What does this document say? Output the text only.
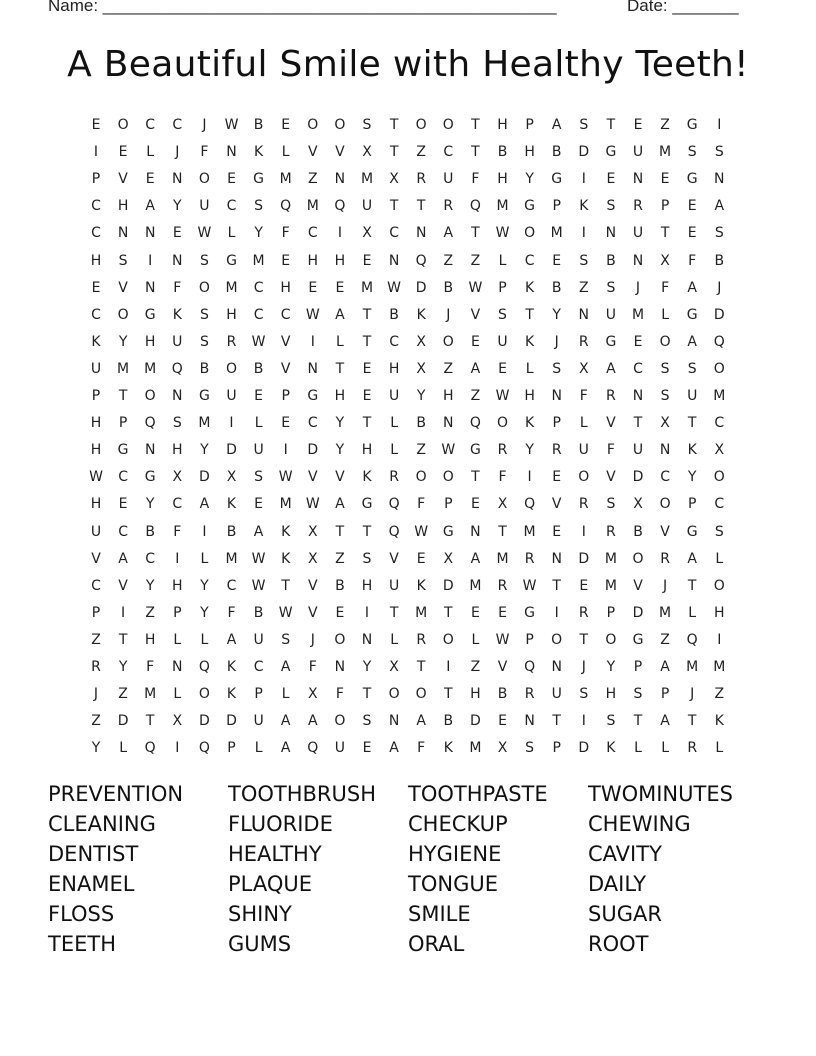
Name: ________________________________________________	Date: _______
A Beautiful Smile with Healthy Teeth!
E	O	C	C	J	W	B	E	O	O	S	T	O	O	T	H	P	A	S	T	E	Z	G	I
I	E	L	J	F	N	K	L	V	V	X	T	Z	C	T	B	H	B	D	G	U	M	S	S
P	V	E	N	O	E	G	M	Z	N	M	X	R	U	F	H	Y	G	I	E	N	E	G	N
C	H	A	Y	U	C	S	Q	M	Q	U	T	T	R	Q	M	G	P	K	S	R	P	E	A
C	N	N	E	W	L	Y	F	C	I	X	C	N	A	T	W	O	M	I	N	U	T	E	S
H	S	I	N	S	G	M	E	H	H	E	N	Q	Z	Z	L	C	E	S	B	N	X	F	B
E	V	N	F	O	M	C	H	E	E	M	W	D	B	W	P	K	B	Z	S	J	F	A	J
C	O	G	K	S	H	C	C	W	A	T	B	K	J	V	S	T	Y	N	U	M	L	G	D
K	Y	H	U	S	R	W	V	I	L	T	C	X	O	E	U	K	J	R	G	E	O	A	Q
U	M	M	Q	B	O	B	V	N	T	E	H	X	Z	A	E	L	S	X	A	C	S	S	O
P	T	O	N	G	U	E	P	G	H	E	U	Y	H	Z	W	H	N	F	R	N	S	U	M
H	P	Q	S	M	I	L	E	C	Y	T	L	B	N	Q	O	K	P	L	V	T	X	T	C
H	G	N	H	Y	D	U	I	D	Y	H	L	Z	W	G	R	Y	R	U	F	U	N	K	X
W	C	G	X	D	X	S	W	V	V	K	R	O	O	T	F	I	E	O	V	D	C	Y	O
H	E	Y	C	A	K	E	M	W	A	G	Q	F	P	E	X	Q	V	R	S	X	O	P	C
U	C	B	F	I	B	A	K	X	T	T	Q	W	G	N	T	M	E	I	R	B	V	G	S
V	A	C	I	L	M	W	K	X	Z	S	V	E	X	A	M	R	N	D	M	O	R	A	L
C	V	Y	H	Y	C	W	T	V	B	H	U	K	D	M	R	W	T	E	M	V	J	T	O
P	I	Z	P	Y	F	B	W	V	E	I	T	M	T	E	E	G	I	R	P	D	M	L	H
Z	T	H	L	L	A	U	S	J	O	N	L	R	O	L	W	P	O	T	O	G	Z	Q	I
R	Y	F	N	Q	K	C	A	F	N	Y	X	T	I	Z	V	Q	N	J	Y	P	A	M	M
J	Z	M	L	O	K	P	L	X	F	T	O	O	T	H	B	R	U	S	H	S	P	J	Z
Z	D	T	X	D	D	U	A	A	O	S	N	A	B	D	E	N	T	I	S	T	A	T	K
Y	L	Q	I	Q	P	L	A	Q	U	E	A	F	K	M	X	S	P	D	K	L	L	R	L
PREVENTION TOOTHBRUSH TOOTHPASTE TWOMINUTES
CLEANING	FLUORIDE	CHECKUP	CHEWING
DENTIST	HEALTHY	HYGIENE	CAVITY
ENAMEL	PLAQUE	TONGUE	DAILY
FLOSS	SHINY	SMILE	SUGAR
TEETH	GUMS	ORAL	ROOT
